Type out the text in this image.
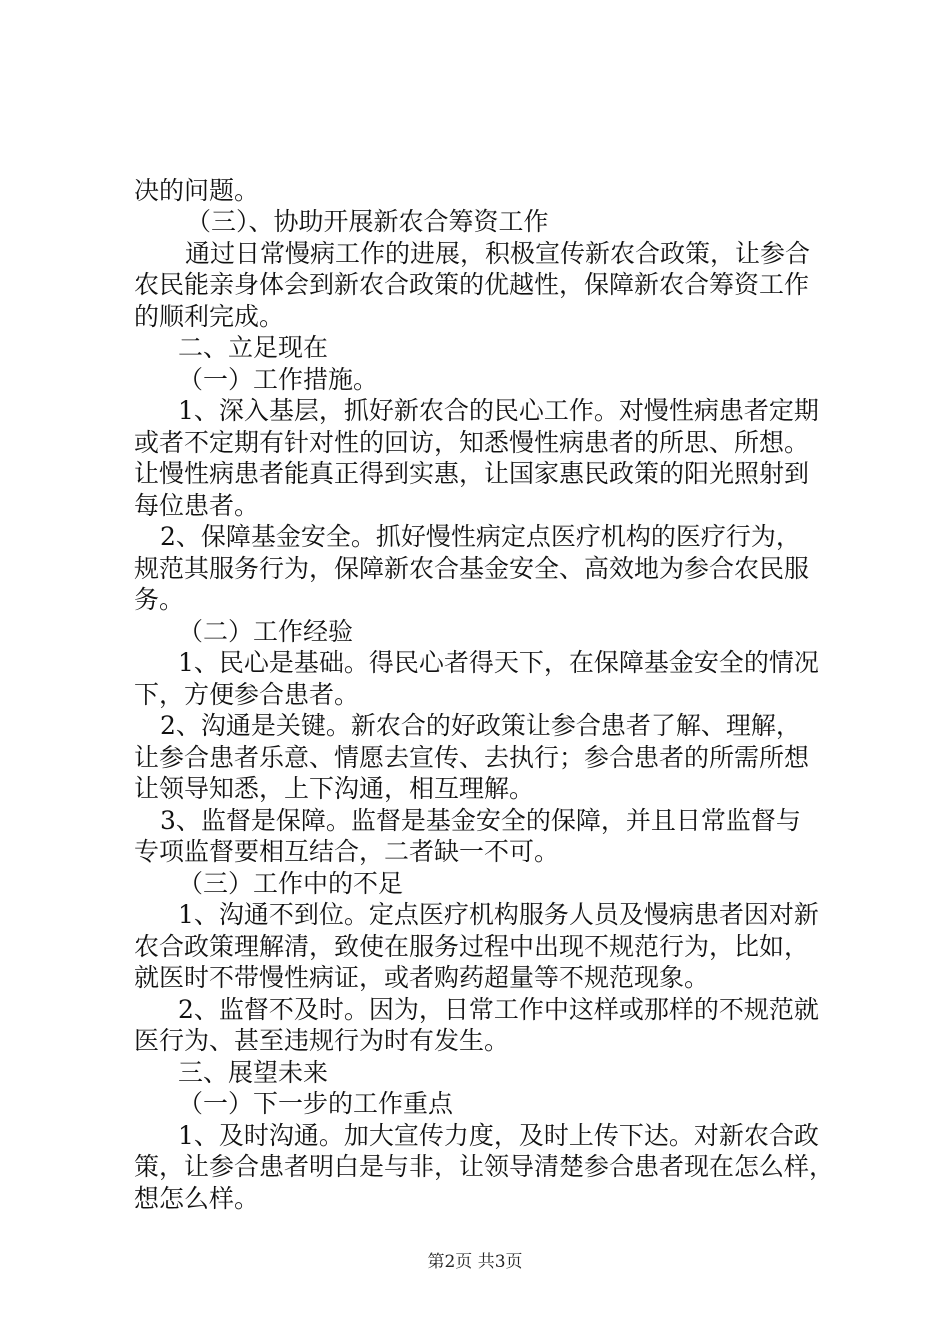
决的问题。
（三）、协助开展新农合筹资工作
通过日常慢病工作的进展，积极宣传新农合政策，让参合
农民能亲身体会到新农合政策的优越性，保障新农合筹资工作
的顺利完成。
二、立足现在
（一）工作措施。
1、深入基层，抓好新农合的民心工作。对慢性病患者定期
或者不定期有针对性的回访，知悉慢性病患者的所思、所想。
让慢性病患者能真正得到实惠，让国家惠民政策的阳光照射到
每位患者。
2、保障基金安全。抓好慢性病定点医疗机构的医疗行为，
规范其服务行为，保障新农合基金安全、高效地为参合农民服
务。
（二）工作经验
1、民心是基础。得民心者得天下，在保障基金安全的情况
下，方便参合患者。
2、沟通是关键。新农合的好政策让参合患者了解、理解，
让参合患者乐意、情愿去宣传、去执行；参合患者的所需所想
让领导知悉，上下沟通，相互理解。
3、监督是保障。监督是基金安全的保障，并且日常监督与
专项监督要相互结合，二者缺一不可。
（三）工作中的不足
1、沟通不到位。定点医疗机构服务人员及慢病患者因对新
农合政策理解清，致使在服务过程中出现不规范行为，比如，
就医时不带慢性病证，或者购药超量等不规范现象。
2、监督不及时。因为，日常工作中这样或那样的不规范就
医行为、甚至违规行为时有发生。
三、展望未来
（一）下一步的工作重点
1、及时沟通。加大宣传力度，及时上传下达。对新农合政
策，让参合患者明白是与非，让领导清楚参合患者现在怎么样，
想怎么样。
第2页 共3页
